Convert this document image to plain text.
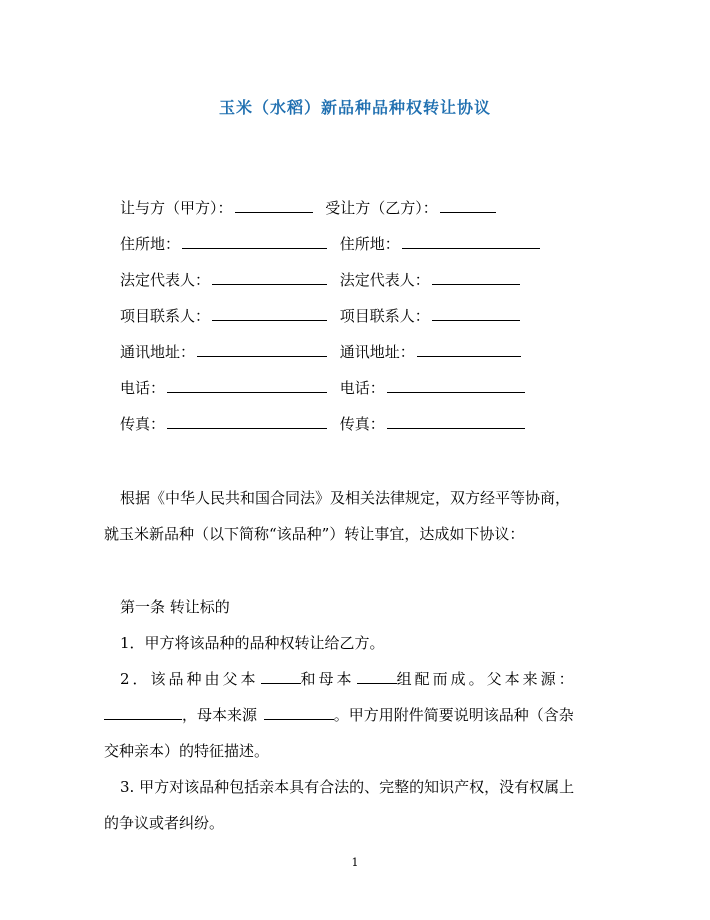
玉米（水稻）新品种品种权转让协议
让与方（甲方）：	受让方（乙方）：
住所地：	住所地：
法定代表人：	法定代表人：
项目联系人：	项目联系人：
通讯地址：	通讯地址：
电话：	电话：
传真：	传真：
根据《中华人民共和国合同法》及相关法律规定，双方经平等协商，
就玉米新品种（以下简称“该品种”）转让事宜，达成如下协议：
第一条 转让标的
1．甲方将该品种的品种权转让给乙方。
2．该品种由父本	和母本	组配而成。父本来源：
，母本来源	。甲方用附件简要说明该品种（含杂
交种亲本）的特征描述。
3. 甲方对该品种包括亲本具有合法的、完整的知识产权，没有权属上
的争议或者纠纷。
1
